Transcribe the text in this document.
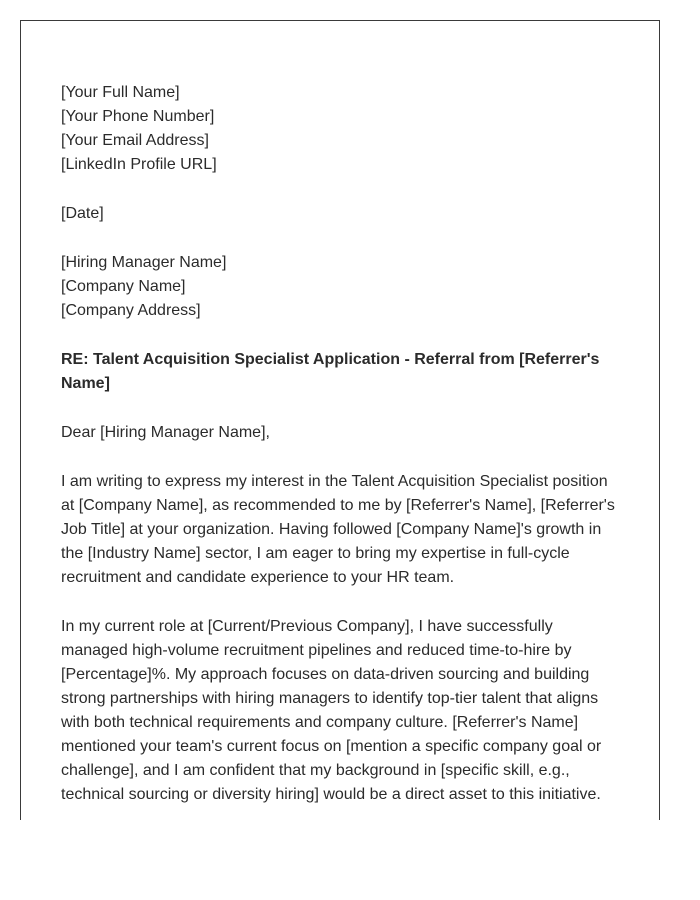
[Your Full Name]
[Your Phone Number]
[Your Email Address]
[LinkedIn Profile URL]
[Date]
[Hiring Manager Name]
[Company Name]
[Company Address]

RE: Talent Acquisition Specialist Application - Referral from [Referrer's Name]

Dear [Hiring Manager Name],

I am writing to express my interest in the Talent Acquisition Specialist position at [Company Name], as recommended to me by [Referrer's Name], [Referrer's Job Title] at your organization. Having followed [Company Name]'s growth in the [Industry Name] sector, I am eager to bring my expertise in full-cycle recruitment and candidate experience to your HR team.

In my current role at [Current/Previous Company], I have successfully managed high-volume recruitment pipelines and reduced time-to-hire by [Percentage]%. My approach focuses on data-driven sourcing and building strong partnerships with hiring managers to identify top-tier talent that aligns with both technical requirements and company culture. [Referrer's Name] mentioned your team's current focus on [mention a specific company goal or challenge], and I am confident that my background in [specific skill, e.g., technical sourcing or diversity hiring] would be a direct asset to this initiative.
